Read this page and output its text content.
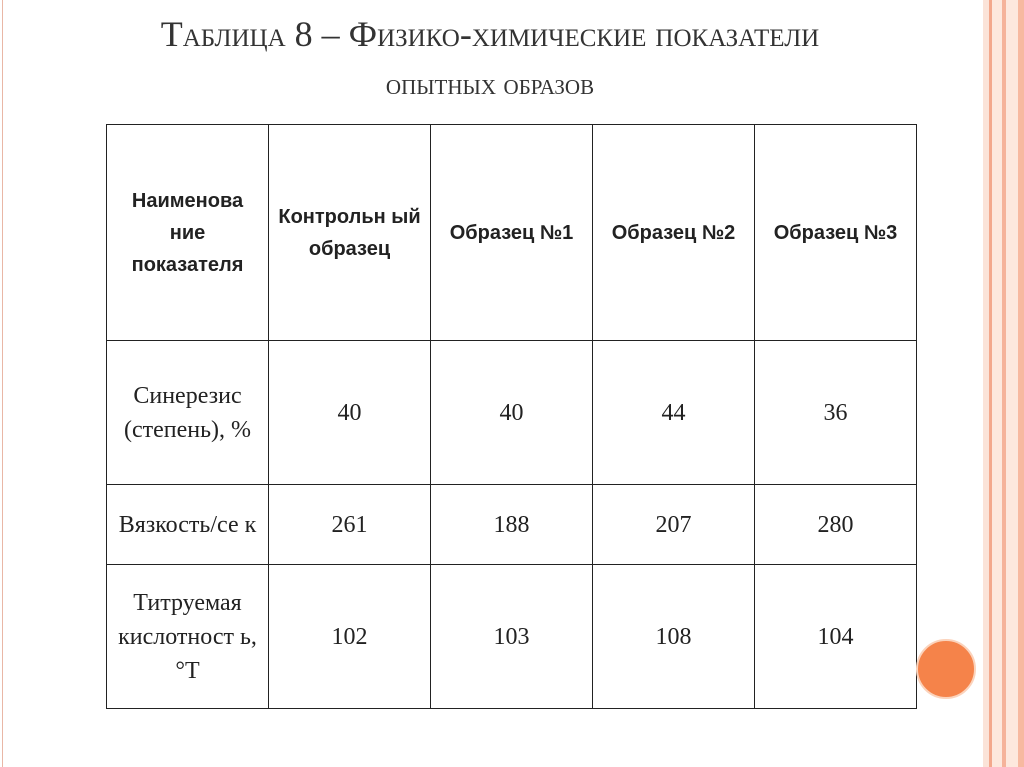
Таблица 8 – Физико-химические показатели
опытных образов
Наименова ние показателя	Контрольн ый образец	Образец №1	Образец №2	Образец №3
Синерезис (степень), %	40	40	44	36
Вязкость/се к	261	188	207	280
Титруемая кислотност ь,°Т	102	103	108	104
